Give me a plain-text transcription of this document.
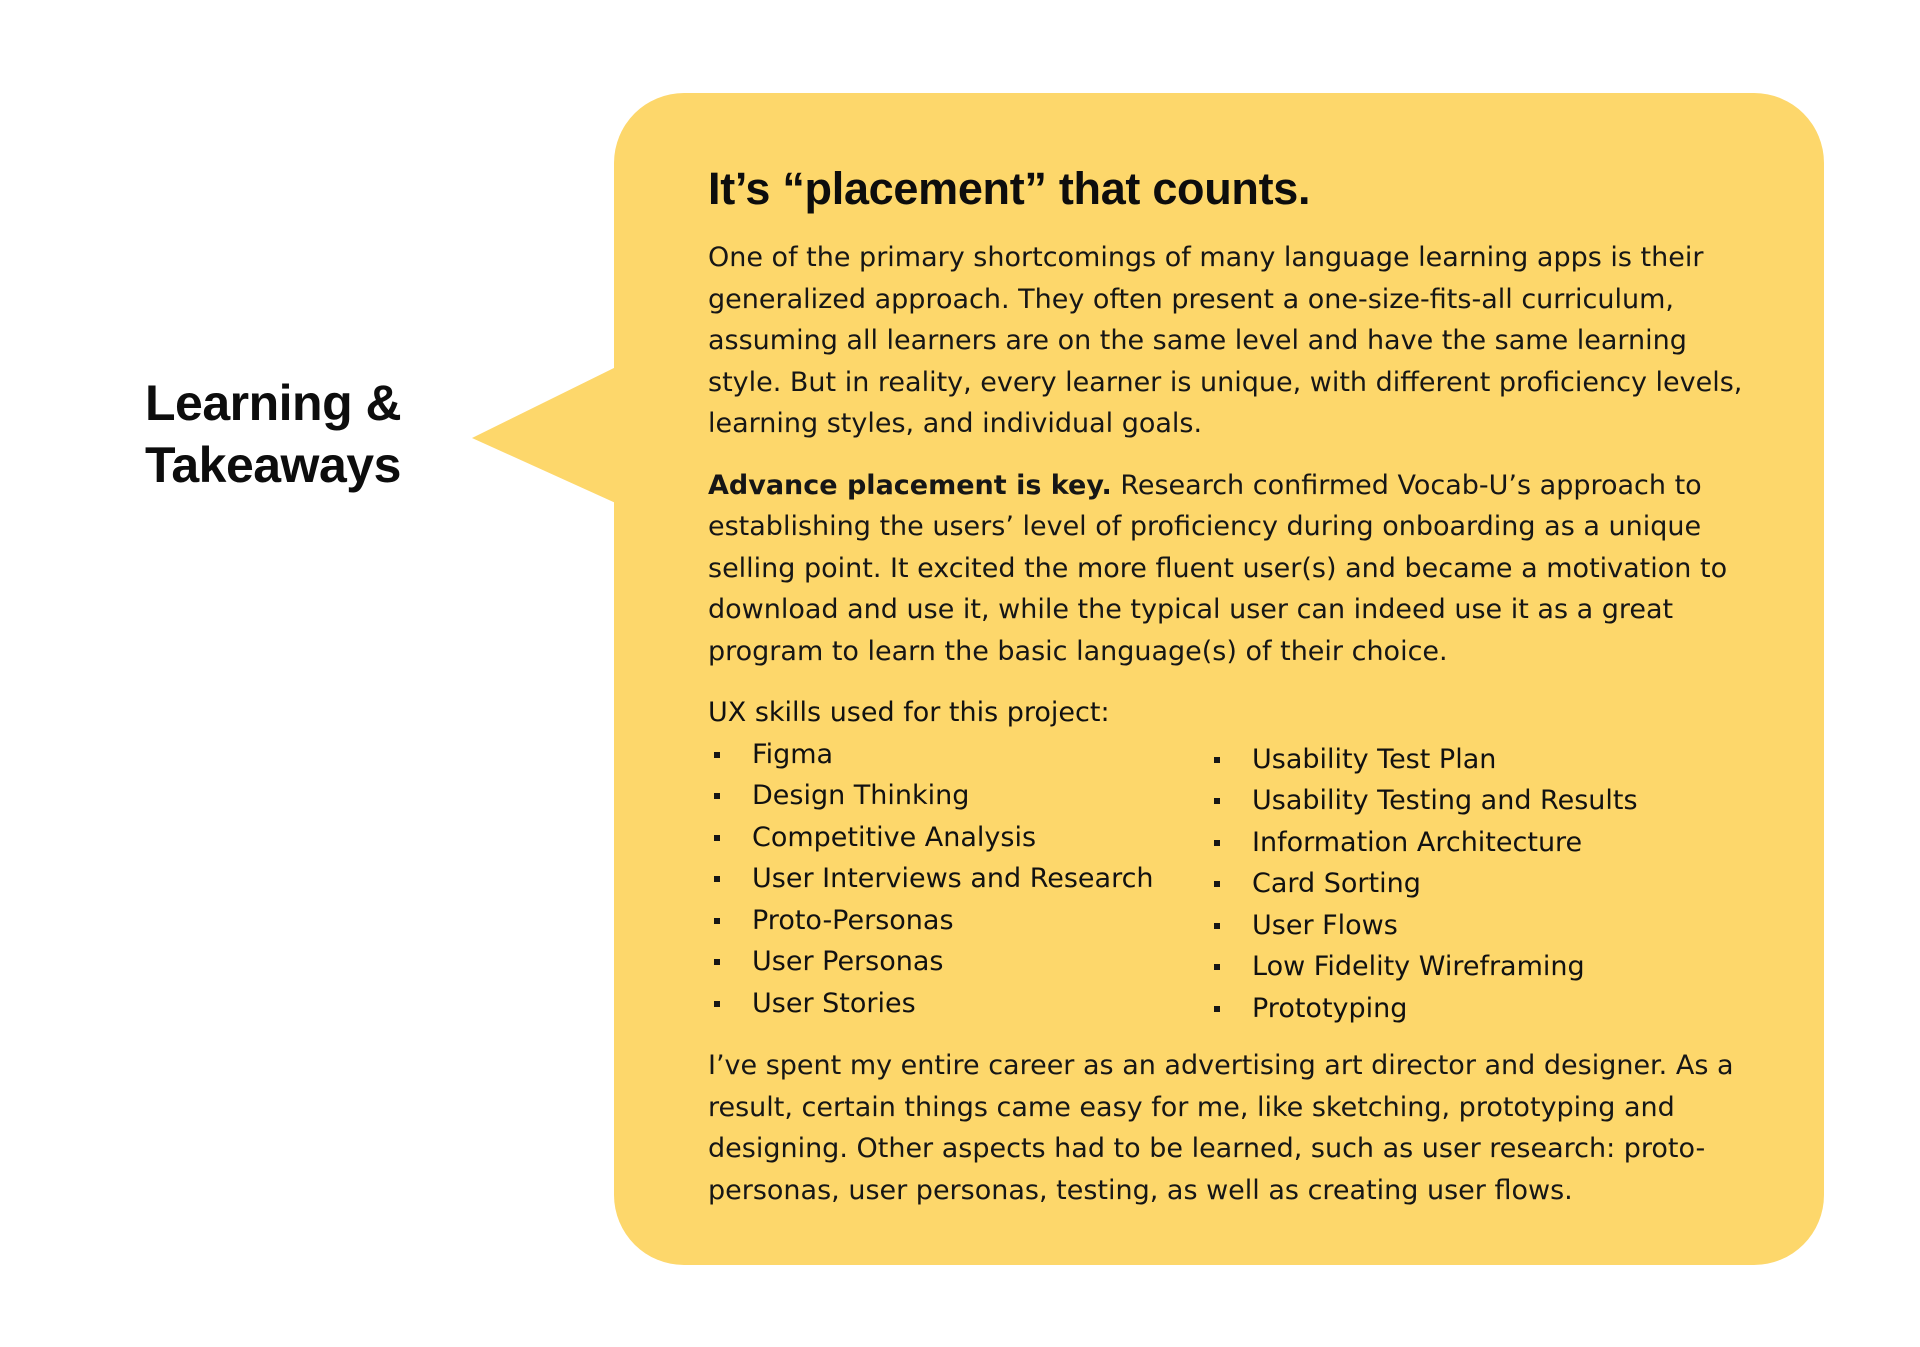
Learning &
Takeaways
It’s “placement” that counts.

One of the primary shortcomings of many language learning apps is their generalized approach. They often present a one-size-fits-all curriculum, assuming all learners are on the same level and have the same learning style. But in reality, every learner is unique, with different proficiency levels, learning styles, and individual goals.

Advance placement is key. Research confirmed Vocab-U’s approach to establishing the users’ level of proficiency during onboarding as a unique selling point. It excited the more fluent user(s) and became a motivation to download and use it, while the typical user can indeed use it as a great program to learn the basic language(s) of their choice.

UX skills used for this project:

Figma
Design Thinking
Competitive Analysis
User Interviews and Research
Proto-Personas
User Personas
User Stories
Usability Test Plan
Usability Testing and Results
Information Architecture
Card Sorting
User Flows
Low Fidelity Wireframing
Prototyping

I’ve spent my entire career as an advertising art director and designer. As a result, certain things came easy for me, like sketching, prototyping and designing. Other aspects had to be learned, such as user research: proto-personas, user personas, testing, as well as creating user flows.
